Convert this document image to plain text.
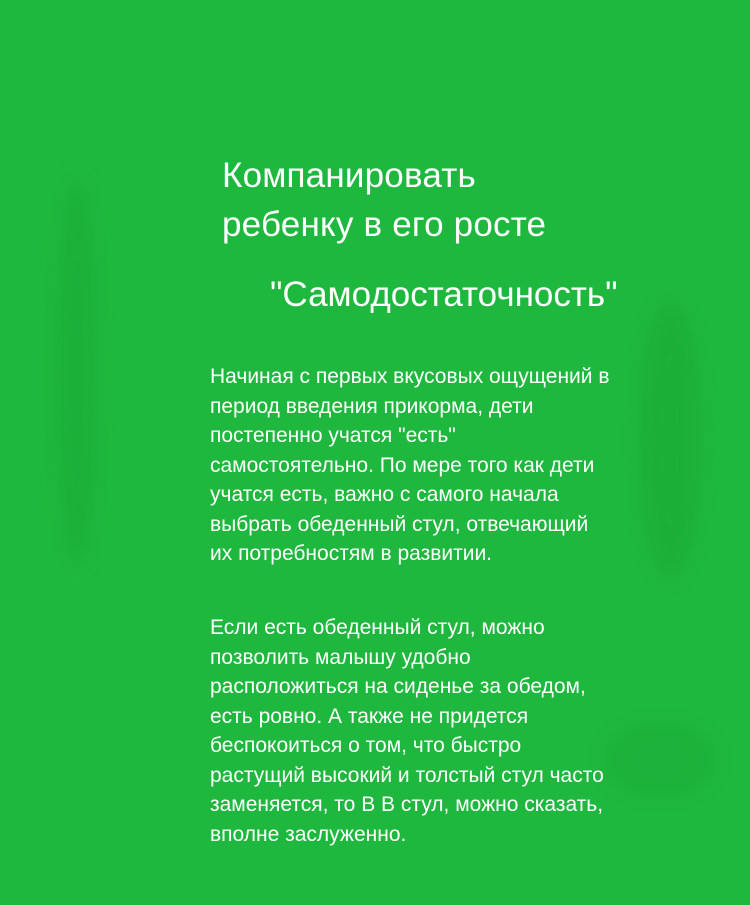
Компанировать
ребенку в его росте
"Самодостаточность"

Начиная с первых вкусовых ощущений в
период введения прикорма, дети
постепенно учатся "есть"
самостоятельно. По мере того как дети
учатся есть, важно с самого начала
выбрать обеденный стул, отвечающий
их потребностям в развитии.

Если есть обеденный стул, можно
позволить малышу удобно
расположиться на сиденье за обедом,
есть ровно. А также не придется
беспокоиться о том, что быстро
растущий высокий и толстый стул часто
заменяется, то В В стул, можно сказать,
вполне заслуженно.
